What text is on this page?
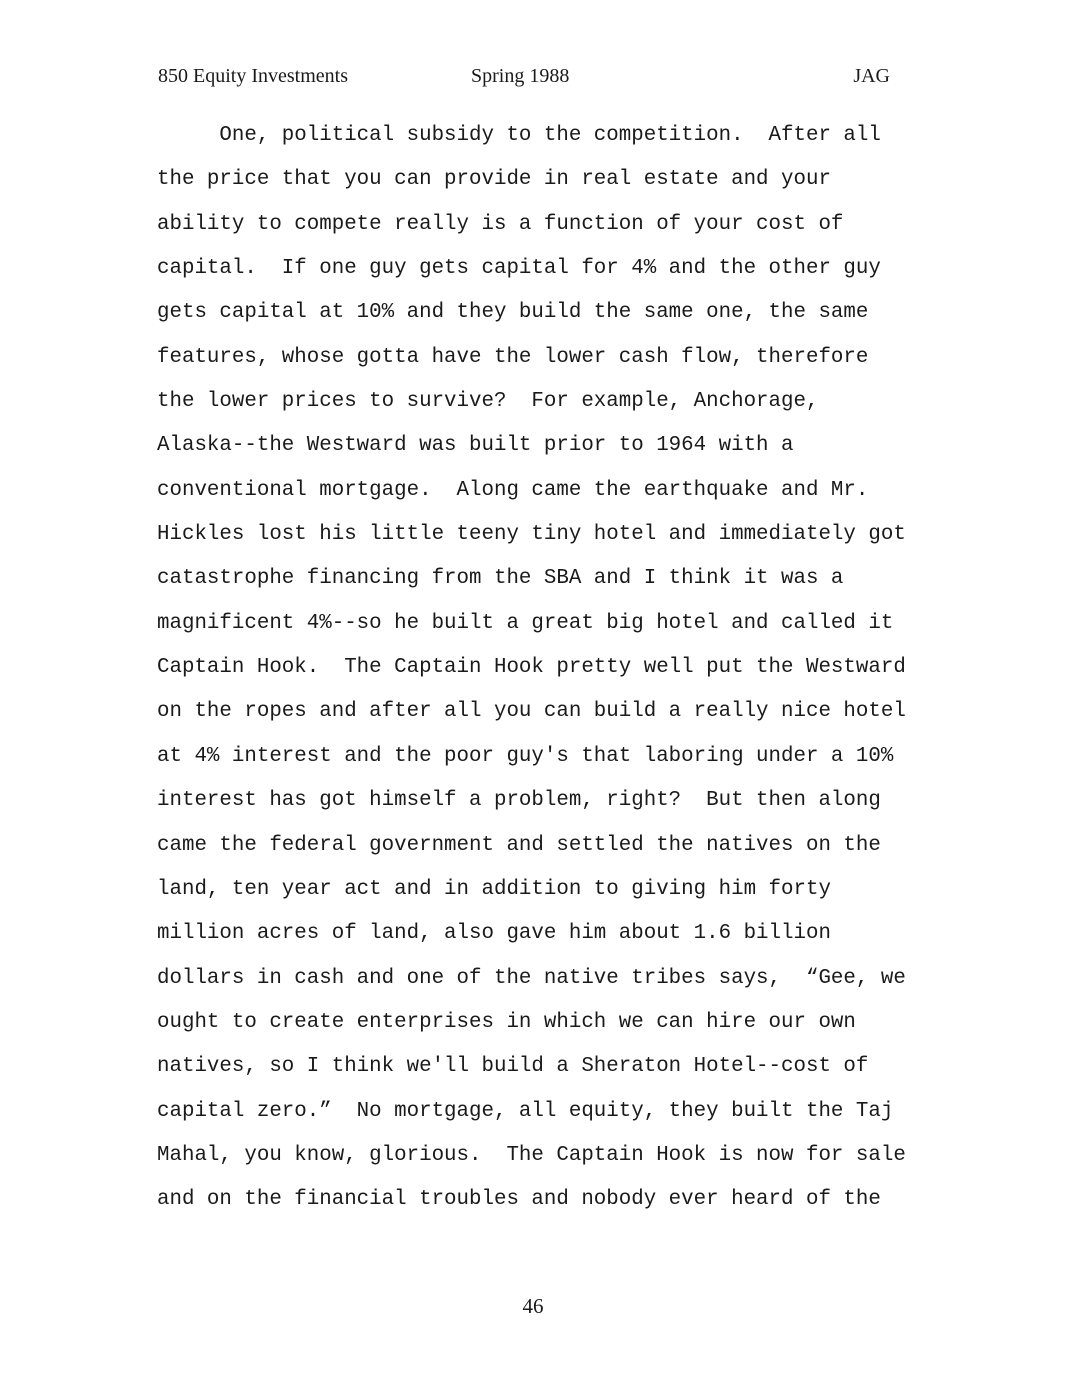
850 Equity Investments	Spring 1988	JAG
One, political subsidy to the competition.  After all
the price that you can provide in real estate and your
ability to compete really is a function of your cost of
capital.  If one guy gets capital for 4% and the other guy
gets capital at 10% and they build the same one, the same
features, whose gotta have the lower cash flow, therefore
the lower prices to survive?  For example, Anchorage,
Alaska--the Westward was built prior to 1964 with a
conventional mortgage.  Along came the earthquake and Mr.
Hickles lost his little teeny tiny hotel and immediately got
catastrophe financing from the SBA and I think it was a
magnificent 4%--so he built a great big hotel and called it
Captain Hook.  The Captain Hook pretty well put the Westward
on the ropes and after all you can build a really nice hotel
at 4% interest and the poor guy's that laboring under a 10%
interest has got himself a problem, right?  But then along
came the federal government and settled the natives on the
land, ten year act and in addition to giving him forty
million acres of land, also gave him about 1.6 billion
dollars in cash and one of the native tribes says,  “Gee, we
ought to create enterprises in which we can hire our own
natives, so I think we'll build a Sheraton Hotel--cost of
capital zero.”  No mortgage, all equity, they built the Taj
Mahal, you know, glorious.  The Captain Hook is now for sale
and on the financial troubles and nobody ever heard of the
46
